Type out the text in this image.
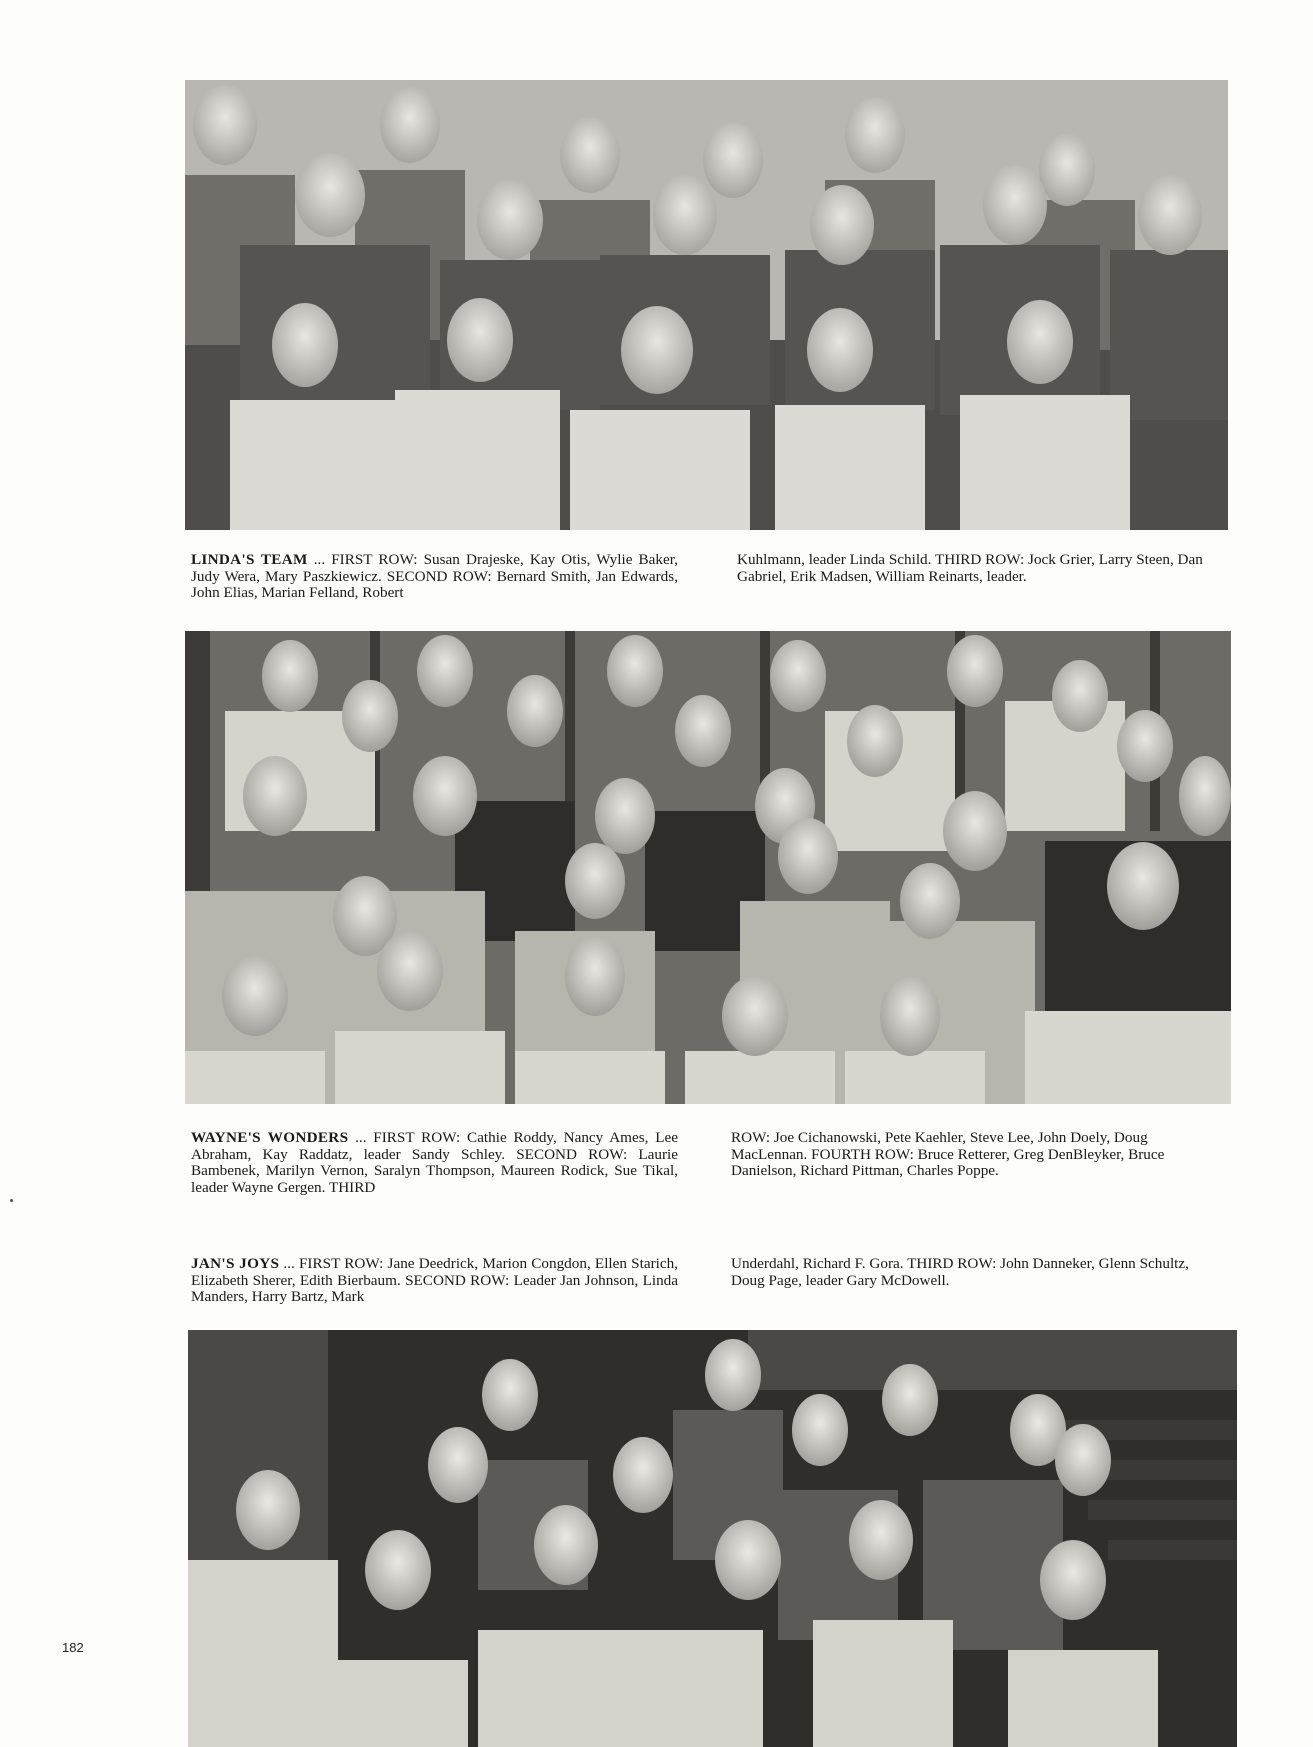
LINDA'S TEAM ... FIRST ROW: Susan Drajeske, Kay Otis, Wylie Baker, Judy Wera, Mary Paszkiewicz. SECOND ROW: Bernard Smith, Jan Edwards, John Elias, Marian Felland, Robert

Kuhlmann, leader Linda Schild. THIRD ROW: Jock Grier, Larry Steen, Dan Gabriel, Erik Madsen, William Reinarts, leader.

WAYNE'S WONDERS ... FIRST ROW: Cathie Roddy, Nancy Ames, Lee Abraham, Kay Raddatz, leader Sandy Schley. SECOND ROW: Laurie Bambenek, Marilyn Vernon, Saralyn Thompson, Maureen Rodick, Sue Tikal, leader Wayne Gergen. THIRD

ROW: Joe Cichanowski, Pete Kaehler, Steve Lee, John Doely, Doug MacLennan. FOURTH ROW: Bruce Retterer, Greg DenBleyker, Bruce Danielson, Richard Pittman, Charles Poppe.

JAN'S JOYS ... FIRST ROW: Jane Deedrick, Marion Congdon, Ellen Starich, Elizabeth Sherer, Edith Bierbaum. SECOND ROW: Leader Jan Johnson, Linda Manders, Harry Bartz, Mark

Underdahl, Richard F. Gora. THIRD ROW: John Danneker, Glenn Schultz, Doug Page, leader Gary McDowell.

182
